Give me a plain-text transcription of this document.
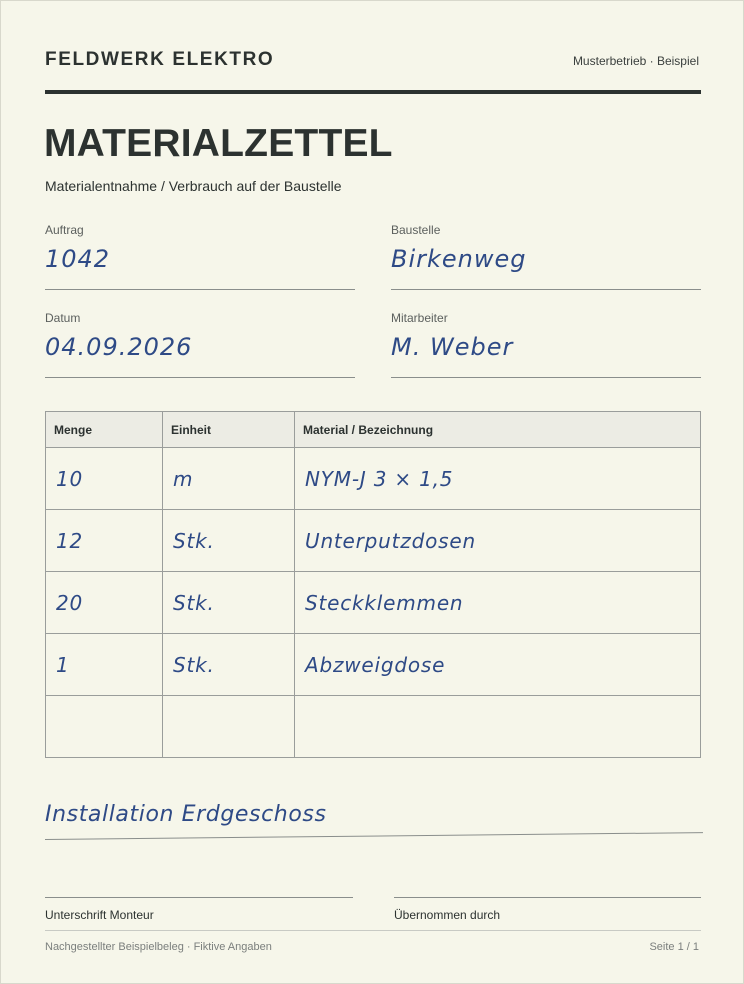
FELDWERK ELEKTRO	Musterbetrieb · Beispiel
MATERIALZETTEL
Materialentnahme / Verbrauch auf der Baustelle
Auftrag
1042
Baustelle
Birkenweg
Datum
04.09.2026
Mitarbeiter
M. Weber
Menge	Einheit	Material / Bezeichnung
10	m	NYM-J 3 × 1,5
12	Stk.	Unterputzdosen
20	Stk.	Steckklemmen
1	Stk.	Abzweigdose

Installation Erdgeschoss
Unterschrift Monteur	Übernommen durch
Nachgestellter Beispielbeleg · Fiktive Angaben	Seite 1 / 1
